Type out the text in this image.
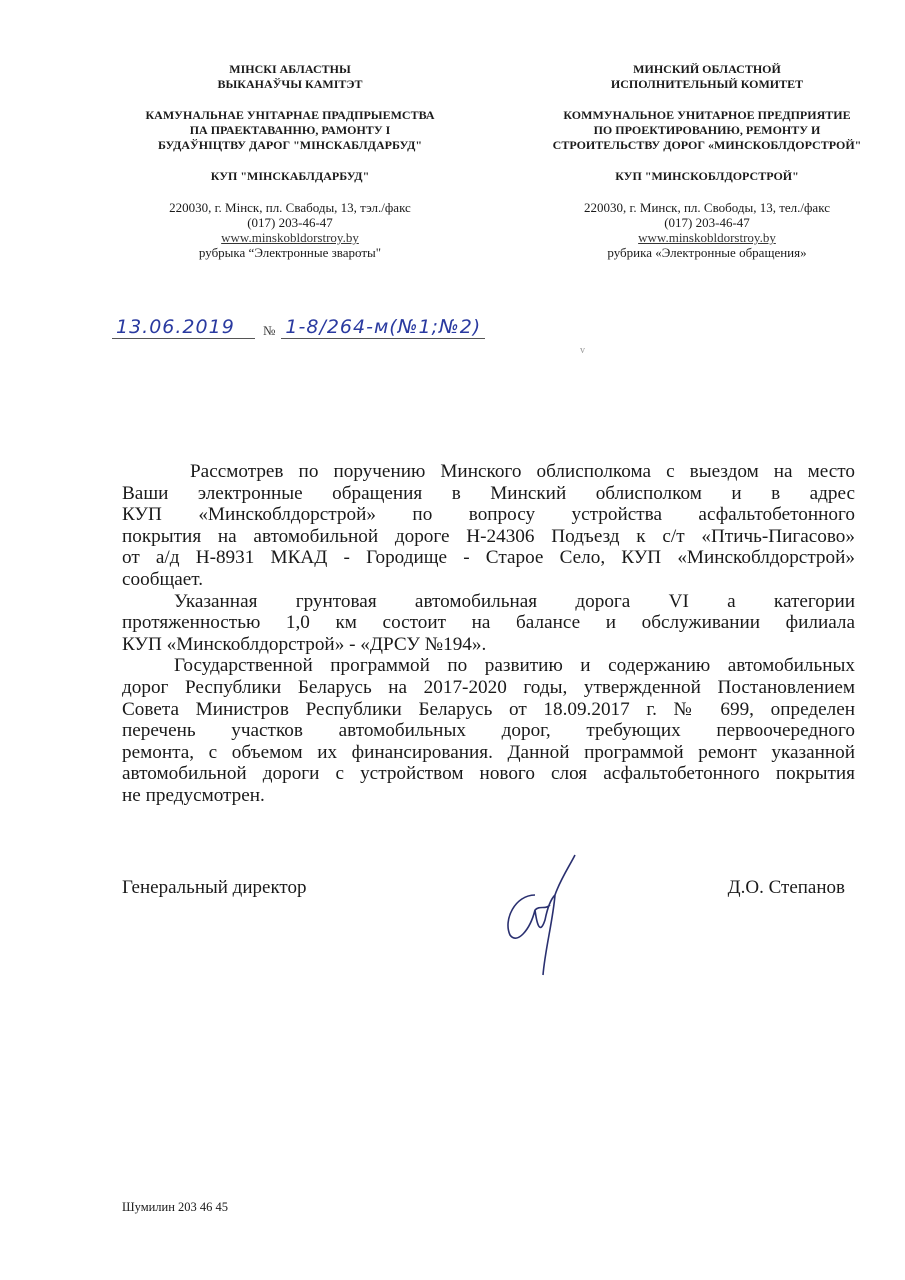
МІНСКІ АБЛАСТНЫ
ВЫКАНАЎЧЫ КАМІТЭТ
КАМУНАЛЬНАЕ УНІТАРНАЕ ПРАДПРЫЕМСТВА
ПА ПРАЕКТАВАННЮ, РАМОНТУ І
БУДАЎНІЦТВУ ДАРОГ "МІНСКАБЛДАРБУД"
КУП "МІНСКАБЛДАРБУД"
220030, г. Мінск, пл. Свабоды, 13, тэл./факс
(017) 203-46-47
www.minskobldorstroy.by
рубрыка “Электронные звароты"
МИНСКИЙ ОБЛАСТНОЙ
ИСПОЛНИТЕЛЬНЫЙ КОМИТЕТ
КОММУНАЛЬНОЕ УНИТАРНОЕ ПРЕДПРИЯТИЕ
ПО ПРОЕКТИРОВАНИЮ, РЕМОНТУ И
СТРОИТЕЛЬСТВУ ДОРОГ «МИНСКОБЛДОРСТРОЙ"
КУП "МИНСКОБЛДОРСТРОЙ"
220030, г. Минск, пл. Свободы, 13, тел./факс
(017) 203-46-47
www.minskobldorstroy.by
рубрика «Электронные обращения»
13.06.2019	№ 1-8/264-м(№1;№2)
v
Рассмотрев по поручению Минского облисполкома с выездом на место
Ваши электронные обращения в Минский облисполком и в адрес
КУП «Минскоблдорстрой» по вопросу устройства асфальтобетонного
покрытия на автомобильной дороге Н-24306 Подъезд к с/т «Птичь-Пигасово»
от а/д Н-8931 МКАД - Городище - Старое Село, КУП «Минскоблдорстрой»
сообщает.
Указанная грунтовая автомобильная дорога VI а категории
протяженностью 1,0 км состоит на балансе и обслуживании филиала
КУП «Минскоблдорстрой» - «ДРСУ №194».
Государственной программой по развитию и содержанию автомобильных
дорог Республики Беларусь на 2017-2020 годы, утвержденной Постановлением
Совета Министров Республики Беларусь от 18.09.2017 г. № 699, определен
перечень участков автомобильных дорог, требующих первоочередного
ремонта, с объемом их финансирования. Данной программой ремонт указанной
автомобильной дороги с устройством нового слоя асфальтобетонного покрытия
не предусмотрен.
Генеральный директор	Д.О. Степанов
Шумилин 203 46 45
